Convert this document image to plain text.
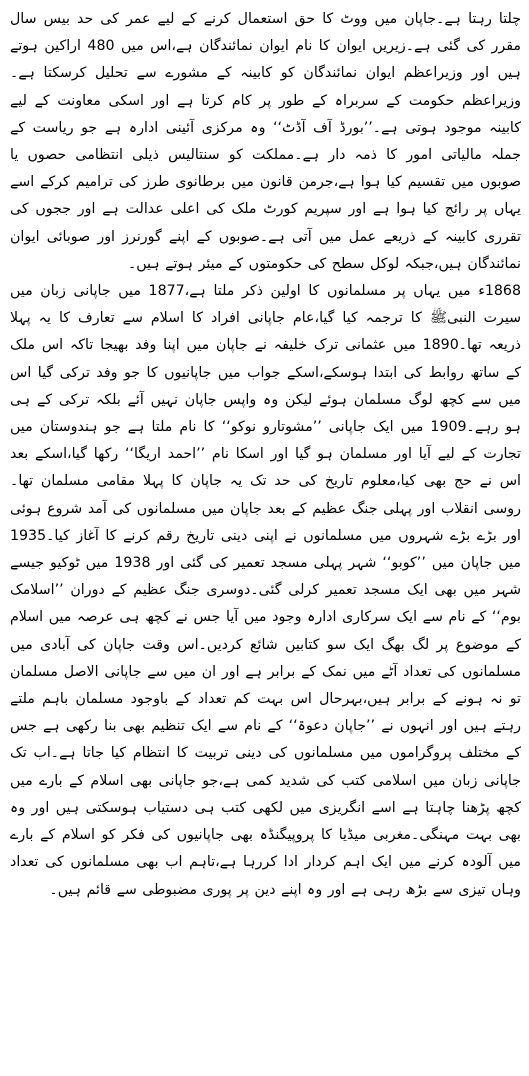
چلتا رہتا ہے۔جاپان میں ووٹ کا حق استعمال کرنے کے لیے عمر کی حد بیس سال مقرر کی گئی ہے۔زیریں ایوان کا نام ایوان نمائندگان ہے،اس میں 480 اراکین ہوتے ہیں اور وزیراعظم ایوان نمائندگان کو کابینہ کے مشورے سے تحلیل کرسکتا ہے۔وزیراعظم حکومت کے سربراہ کے طور پر کام کرتا ہے اور اسکی معاونت کے لیے کابینہ موجود ہوتی ہے۔’’بورڈ آف آڈٹ‘‘ وہ مرکزی آئینی ادارہ ہے جو ریاست کے جملہ مالیاتی امور کا ذمہ دار ہے۔مملکت کو سنتالیس ذیلی انتظامی حصوں یا صوبوں میں تقسیم کیا ہوا ہے،جرمن قانون میں برطانوی طرز کی ترامیم کرکے اسے یہاں پر رائج کیا ہوا ہے اور سپریم کورٹ ملک کی اعلی عدالت ہے اور ججوں کی تقرری کابینہ کے ذریعے عمل میں آتی ہے۔صوبوں کے اپنے گورنرز اور صوبائی ایوان نمائندگان ہیں،جبکہ لوکل سطح کی حکومتوں کے میئر ہوتے ہیں۔

1868ء میں یہاں پر مسلمانوں کا اولین ذکر ملتا ہے،1877 میں جاپانی زبان میں سیرت النبیﷺ کا ترجمہ کیا گیا،عام جاپانی افراد کا اسلام سے تعارف کا یہ پہلا ذریعہ تھا۔1890 میں عثمانی ترک خلیفہ نے جاپان میں اپنا وفد بھیجا تاکہ اس ملک کے ساتھ روابط کی ابتدا ہوسکے،اسکے جواب میں جاپانیوں کا جو وفد ترکی گیا اس میں سے کچھ لوگ مسلمان ہوئے لیکن وہ واپس جاپان نہیں آئے بلکہ ترکی کے ہی ہو رہے۔1909 میں ایک جاپانی ’’مشوتارو نوکو‘‘ کا نام ملتا ہے جو ہندوستان میں تجارت کے لیے آیا اور مسلمان ہو گیا اور اسکا نام ’’احمد اریگا‘‘ رکھا گیا،اسکے بعد اس نے حج بھی کیا،معلوم تاریخ کی حد تک یہ جاپان کا پہلا مقامی مسلمان تھا۔روسی انقلاب اور پہلی جنگ عظیم کے بعد جاپان میں مسلمانوں کی آمد شروع ہوئی اور بڑے بڑے شہروں میں مسلمانوں نے اپنی دینی تاریخ رقم کرنے کا آغاز کیا۔1935 میں جاپان میں ’’کوبو‘‘ شہر پہلی مسجد تعمیر کی گئی اور 1938 میں ٹوکیو جیسے شہر میں بھی ایک مسجد تعمیر کرلی گئی۔دوسری جنگ عظیم کے دوران ’’اسلامک بوم‘‘ کے نام سے ایک سرکاری ادارہ وجود میں آیا جس نے کچھ ہی عرصہ میں اسلام کے موضوع پر لگ بھگ ایک سو کتابیں شائع کردیں۔اس وقت جاپان کی آبادی میں مسلمانوں کی تعداد آٹے میں نمک کے برابر ہے اور ان میں سے جاپانی الاصل مسلمان تو نہ ہونے کے برابر ہیں،بہرحال اس بہت کم تعداد کے باوجود مسلمان باہم ملتے رہتے ہیں اور انہوں نے ’’جاپان دعوۃ‘‘ کے نام سے ایک تنظیم بھی بنا رکھی ہے جس کے مختلف پروگراموں میں مسلمانوں کی دینی تربیت کا انتظام کیا جاتا ہے۔اب تک جاپانی زبان میں اسلامی کتب کی شدید کمی ہے،جو جاپانی بھی اسلام کے بارے میں کچھ پڑھنا چاہتا ہے اسے انگریزی میں لکھی کتب ہی دستیاب ہوسکتی ہیں اور وہ بھی بہت مہنگی۔مغربی میڈیا کا پروپیگنڈہ بھی جاپانیوں کی فکر کو اسلام کے بارے میں آلودہ کرنے میں ایک اہم کردار ادا کررہا ہے،تاہم اب بھی مسلمانوں کی تعداد وہاں تیزی سے بڑھ رہی ہے اور وہ اپنے دین پر پوری مضبوطی سے قائم ہیں۔
